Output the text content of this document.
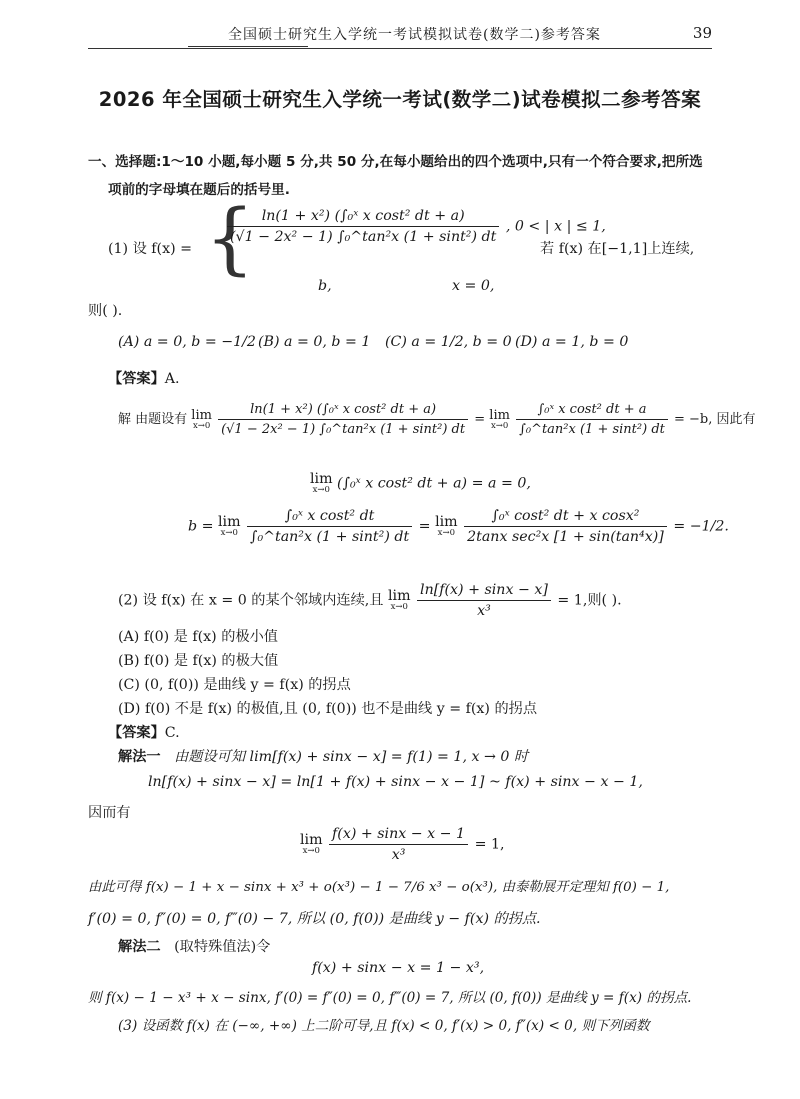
全国硕士研究生入学统一考试模拟试卷(数学二)参考答案	39
2026 年全国硕士研究生入学统一考试(数学二)试卷模拟二参考答案
一、选择题:1～10 小题,每小题 5 分,共 50 分,在每小题给出的四个选项中,只有一个符合要求,把所选
项前的字母填在题后的括号里.
(1) 设 f(x) = {
$\frac{\text{ln(1 + x²) (∫₀ˣ x cost² dt + a)}}{\text{(√1 − 2x² − 1) ∫₀\textasciicircum{}tan²x (1 + sint²) dt}}$ , 0 < | x | ≤ 1,
b,	x = 0,
若 f(x) 在[−1,1]上连续,
则( ).
(A) a = 0, b = −1/2 (B) a = 0, b = 1 (C) a = 1/2, b = 0 (D) a = 1, b = 0
【答案】A.
解 由题设有 lim
x→0
$\frac{\text{ln(1 + x²) (∫₀ˣ x cost² dt + a)}}{\text{(√1 − 2x² − 1) ∫₀\textasciicircum{}tan²x (1 + sint²) dt}} = \lim$
x→0
$\frac{\text{∫₀ˣ x cost² dt + a}}{\text{∫₀\textasciicircum{}tan²x (1 + sint²) dt}} = -b$, 因此有
lim
x→0 (∫₀ˣ x cost² dt + a) = a = 0,
b = lim
x→0
$\frac{\text{∫₀ˣ x cost² dt}}{\text{∫₀\textasciicircum{}tan²x (1 + sint²) dt}} = \lim$
x→0
$\frac{\text{∫₀ˣ cost² dt + x cosx²}}{\text{2tanx sec²x [1 + sin(tan⁴x)]}} = -1/2$.
(2) 设 f(x) 在 x = 0 的某个邻域内连续,且 lim
x→0
$\frac{\ln[f(x) + \sin x - x]}{\text{x³}} = 1$,则( ).
(A) f(0) 是 f(x) 的极小值
(B) f(0) 是 f(x) 的极大值
(C) (0, f(0)) 是曲线 y = f(x) 的拐点
(D) f(0) 不是 f(x) 的极值,且 (0, f(0)) 也不是曲线 y = f(x) 的拐点
【答案】C.
解法一 由题设可知 lim[f(x) + sinx − x] = f(1) = 1, x → 0 时
ln[f(x) + sinx − x] = ln[1 + f(x) + sinx − x − 1] ~ f(x) + sinx − x − 1,
因而有
lim
x→0
$\frac{f(x) + \sin x - x - 1}{\text{x³}} = 1$,
由此可得 f(x) − 1 + x − sinx + x³ + o(x³) − 1 − 7/6 x³ − o(x³), 由泰勒展开定理知 f(0) − 1,
f′(0) = 0, f″(0) = 0, f‴(0) − 7, 所以 (0, f(0)) 是曲线 y − f(x) 的拐点.
解法二 (取特殊值法)令
f(x) + sinx − x = 1 − x³,
则 f(x) − 1 − x³ + x − sinx, f′(0) = f″(0) = 0, f‴(0) = 7, 所以 (0, f(0)) 是曲线 y = f(x) 的拐点.
(3) 设函数 f(x) 在 (−∞, +∞) 上二阶可导,且 f(x) < 0, f′(x) > 0, f″(x) < 0, 则下列函数
